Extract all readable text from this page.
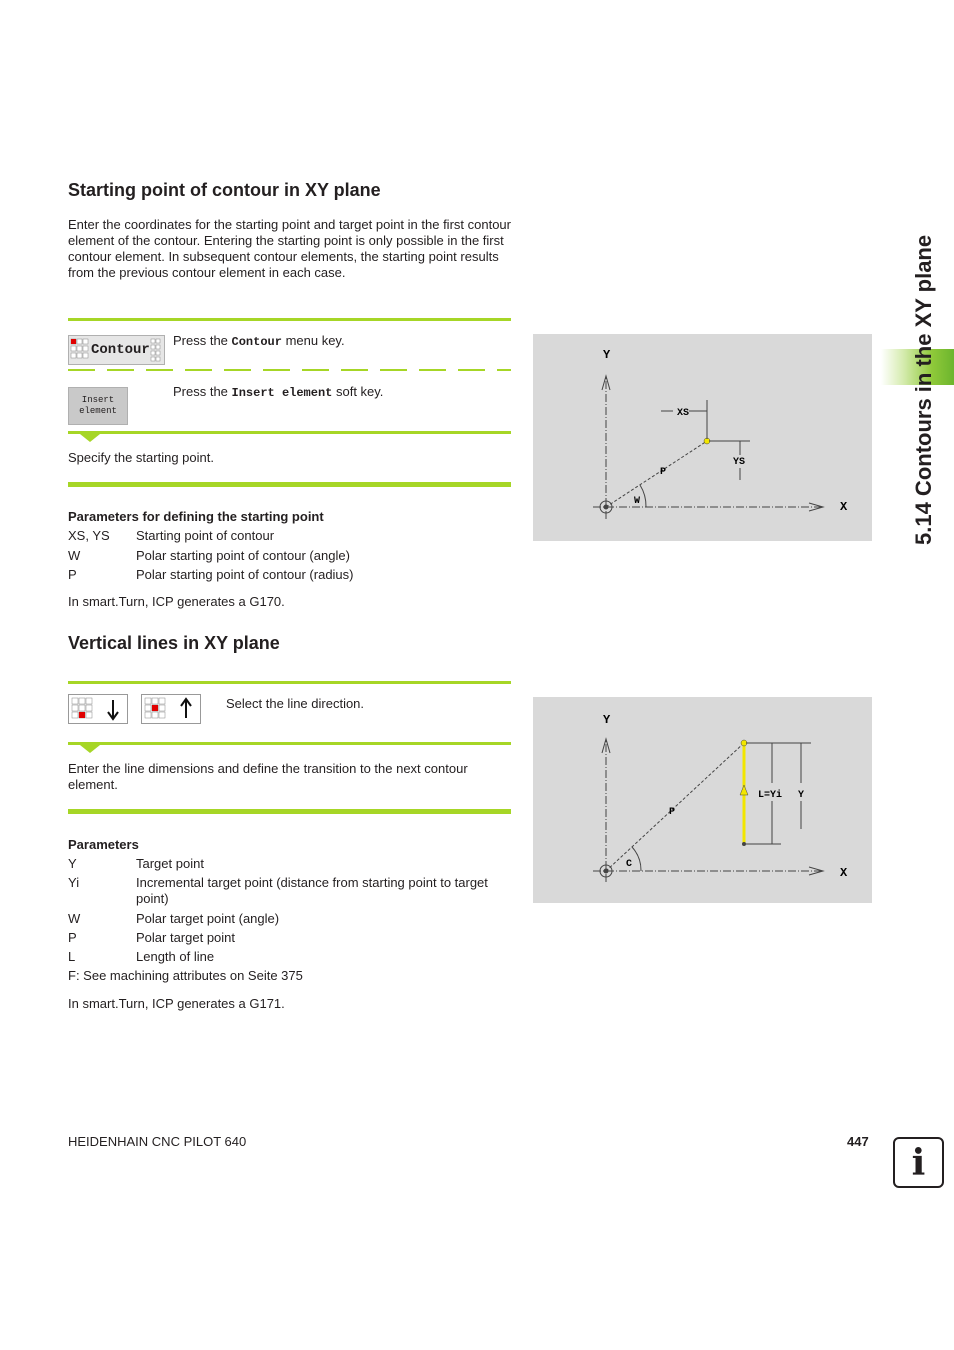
5.14 Contours in the XY plane
Starting point of contour in XY plane
Enter the coordinates for the starting point and target point in the first contour element of the contour. Entering the starting point is only possible in the first contour element. In subsequent contour elements, the starting point results from the previous contour element in each case.
Contour
Press the Contour menu key.
Insert
element
Press the Insert element soft key.
Specify the starting point.
Parameters for defining the starting point
XS, YS	Starting point of contour
W	Polar starting point of contour (angle)
P	Polar starting point of contour (radius)
In smart.Turn, ICP generates a G170.
Y
X
XS
YS
P
W
Vertical lines in XY plane
Select the line direction.
Enter the line dimensions and define the transition to the next contour element.
Parameters
Y	Target point
Yi	Incremental target point (distance from starting point to target point)
W	Polar target point (angle)
P	Polar target point
L	Length of line
F: See machining attributes on Seite 375
In smart.Turn, ICP generates a G171.
Y
X
P
C
L=Yi Y
HEIDENHAIN CNC PILOT 640	447
i
